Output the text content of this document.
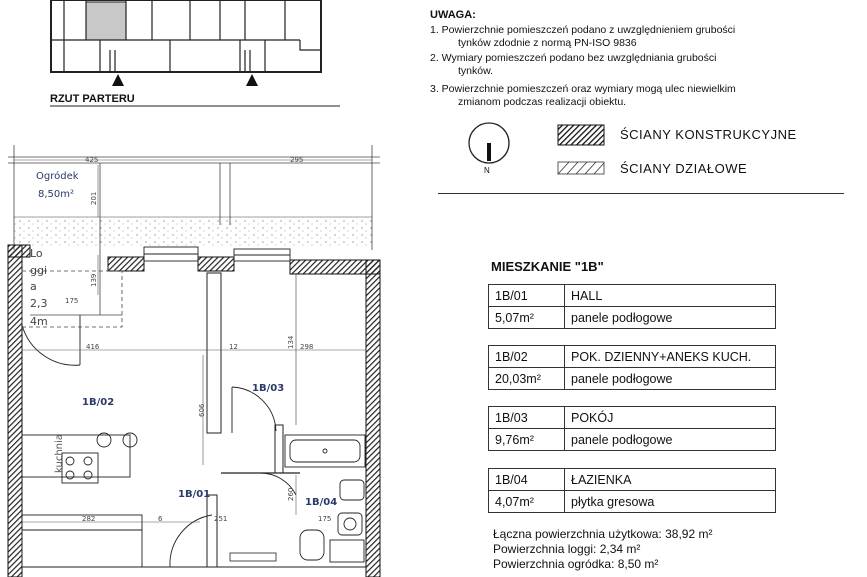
RZUT PARTERU
UWAGA:
1. Powierzchnie pomieszczeń podano z uwzględnieniem grubości
tynków zdodnie z normą PN-ISO 9836
2. Wymiary pomieszczeń podano bez uwzględniania grubości
tynków.
3. Powierzchnie pomieszczeń oraz wymiary mogą ulec niewielkim
zmianom podczas realizacji obiektu.
N
ŚCIANY KONSTRUKCYJNE
ŚCIANY DZIAŁOWE
MIESZKANIE "1B"
1B/01	HALL
5,07m²	panele podłogowe
1B/02	POK. DZIENNY+ANEKS KUCH.
20,03m²	panele podłogowe
1B/03	POKÓJ
9,76m²	panele podłogowe
1B/04	ŁAZIENKA
4,07m²	płytka gresowa
Łączna powierzchnia użytkowa: 38,92 m²
Powierzchnia loggi: 2,34 m²
Powierzchnia ogródka: 8,50 m²
Ogródek
8,50m²
Lo
ggi
a
2,3
4m
1B/02
1B/03
1B/01
1B/04
kuchnia
425	295
201
139
175
416	12	134 298
606
260
282	6	251	175
